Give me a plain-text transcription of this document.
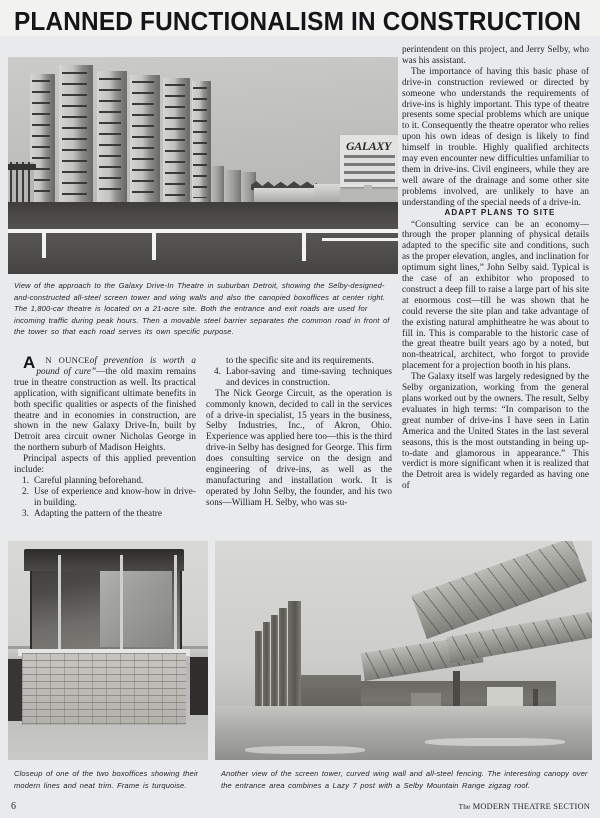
PLANNED FUNCTIONALISM IN CONSTRUCTION
GALAXY
View of the approach to the Galaxy Drive-In Theatre in suburban Detroit, showing the Selby-designed-and-constructed all-steel screen tower and wing walls and also the canopied boxoffices at center right. The 1,800-car theatre is located on a 21-acre site. Both the entrance and exit roads are used for incoming traffic during peak hours. Then a movable steel barrier separates the common road in front of the tower so that each road serves its own specific purpose.

A N OUNCEof prevention is worth a pound of cure”—the old maxim remains true in theatre construction as well. Its practical application, with significant ultimate benefits in both specific qualities or aspects of the finished theatre and in economies in construction, are shown in the new Galaxy Drive-In, built by Detroit area circuit owner Nicholas George in the northern suburb of Madison Heights.

Principal aspects of this applied prevention include:

1. Careful planning beforehand.
2. Use of experience and know-how in drive-in building.
3. Adapting the pattern of the theatre
to the specific site and its requirements.
4. Labor-saving and time-saving techniques and devices in construction.

The Nick George Circuit, as the operation is commonly known, decided to call in the services of a drive-in specialist, 15 years in the business, Selby Industries, Inc., of Akron, Ohio. Experience was applied here too—this is the third drive-in Selby has designed for George. This firm does consulting service on the design and engineering of drive-ins, as well as the manufacturing and installation work. It is operated by John Selby, the founder, and his two sons—William H. Selby, who was su-

perintendent on this project, and Jerry Selby, who was his assistant.

The importance of having this basic phase of drive-in construction reviewed or directed by someone who understands the requirements of drive-ins is highly important. This type of theatre presents some special problems which are unique to it. Consequently the theatre operator who relies upon his own ideas of design is likely to find himself in trouble. Highly qualified architects may even encounter new difficulties unfamiliar to them in drive-ins. Civil engineers, while they are well aware of the drainage and some other site problems involved, are unlikely to have an understanding of the special needs of a drive-in.

ADAPT PLANS TO SITE

“Consulting service can be an economy—through the proper planning of physical details adapted to the specific site and conditions, such as the proper elevation, angles, and inclination for optimum sight lines,” John Selby said. Typical is the case of an exhibitor who proposed to construct a deep fill to raise a large part of his site at enormous cost—till he was shown that he could reverse the site plan and take advantage of the existing natural amphitheatre he was about to fill in. This is comparable to the historic case of the great theatre built years ago by a noted, but non-theatrical, architect, who forgot to provide placement for a projection booth in his plans.

The Galaxy itself was largely redesigned by the Selby organization, working from the general plans worked out by the owners. The result, Selby evaluates in high terms: “In comparison to the great number of drive-ins I have seen in Latin America and the United States in the last several seasons, this is the most outstanding in being up-to-date and glamorous in appearance.” This verdict is more significant when it is realized that the Detroit area is widely regarded as having one of

Closeup of one of the two boxoffices showing their modern lines and neat trim. Frame is turquoise.
Another view of the screen tower, curved wing wall and all-steel fencing. The interesting canopy over the entrance area combines a Lazy 7 post with a Selby Mountain Range zigzag roof.
6	The MODERN THEATRE SECTION
